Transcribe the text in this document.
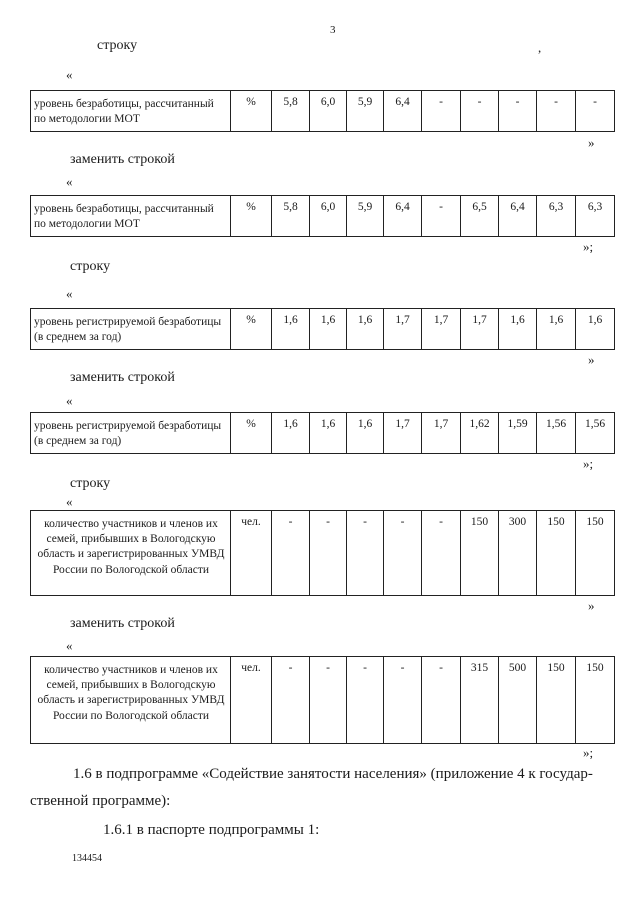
3
,
строку
«
уровень безработицы, рассчитанный по методологии МОТ	%	5,8	6,0	5,9	6,4	-	-	-	-	-
»
заменить строкой
«
уровень безработицы, рассчитанный по методологии МОТ	%	5,8	6,0	5,9	6,4	-	6,5	6,4	6,3	6,3
»;
строку
«
уровень регистрируемой безработицы (в среднем за год)	%	1,6	1,6	1,6	1,7	1,7	1,7	1,6	1,6	1,6
»
заменить строкой
«
уровень регистрируемой безработицы (в среднем за год)	%	1,6	1,6	1,6	1,7	1,7	1,62	1,59	1,56	1,56
»;
строку
«
количество участников и членов их семей, прибывших в Вологодскую область и зарегистрированных УМВД России по Вологодской области	чел.	-	-	-	-	-	150	300	150	150
»
заменить строкой
«
количество участников и членов их семей, прибывших в Вологодскую область и зарегистрированных УМВД России по Вологодской области	чел.	-	-	-	-	-	315	500	150	150
»;
1.6 в подпрограмме «Содействие занятости населения» (приложение 4 к государ-
ственной программе):
1.6.1 в паспорте подпрограммы 1:
134454
